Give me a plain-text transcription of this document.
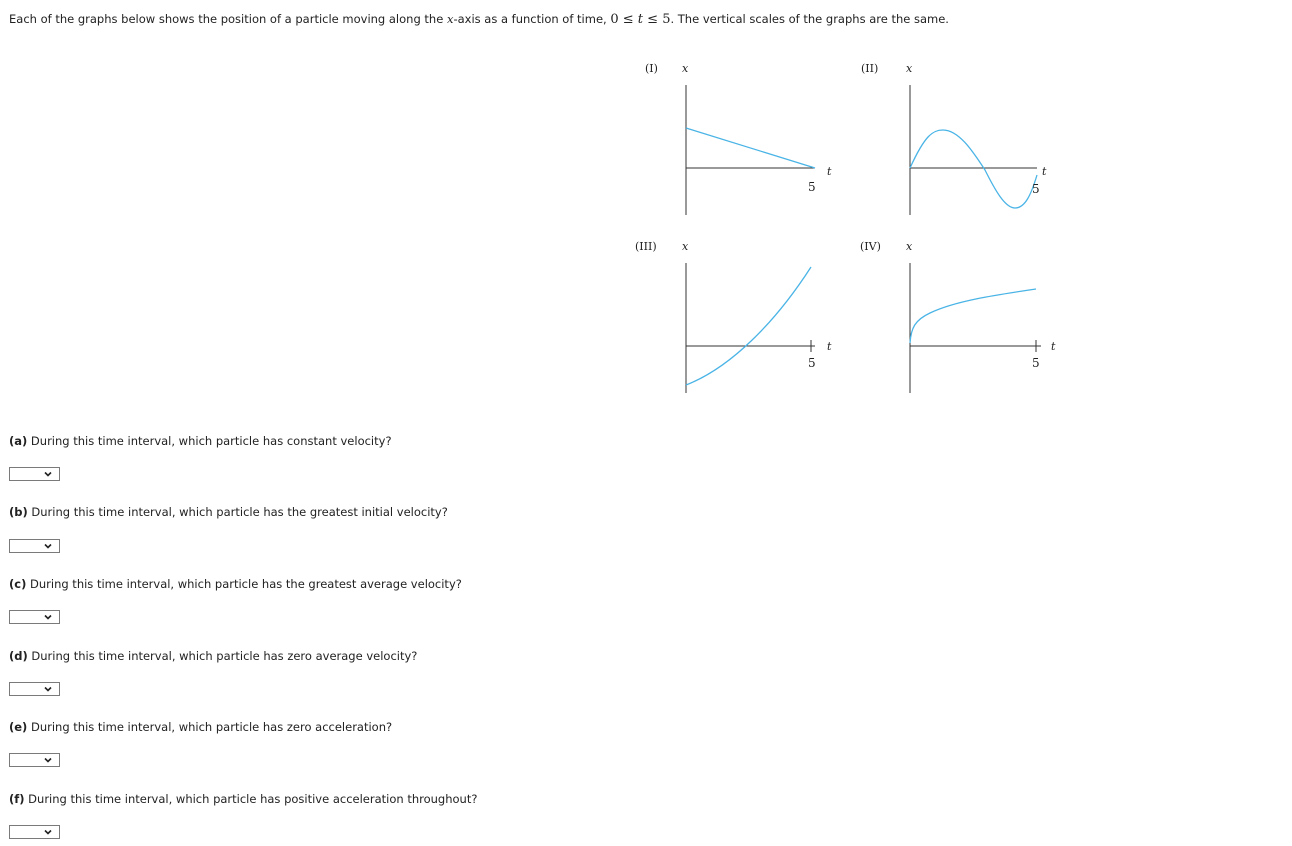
Each of the graphs below shows the position of a particle moving along the x-axis as a function of time, 0 ≤ t ≤ 5. The vertical scales of the graphs are the same.
(I) x
t
5
(II)	x
t
5
(III) x
t
5
(IV) x
t
5
(a) During this time interval, which particle has constant velocity?
(b) During this time interval, which particle has the greatest initial velocity?
(c) During this time interval, which particle has the greatest average velocity?
(d) During this time interval, which particle has zero average velocity?
(e) During this time interval, which particle has zero acceleration?
(f) During this time interval, which particle has positive acceleration throughout?
